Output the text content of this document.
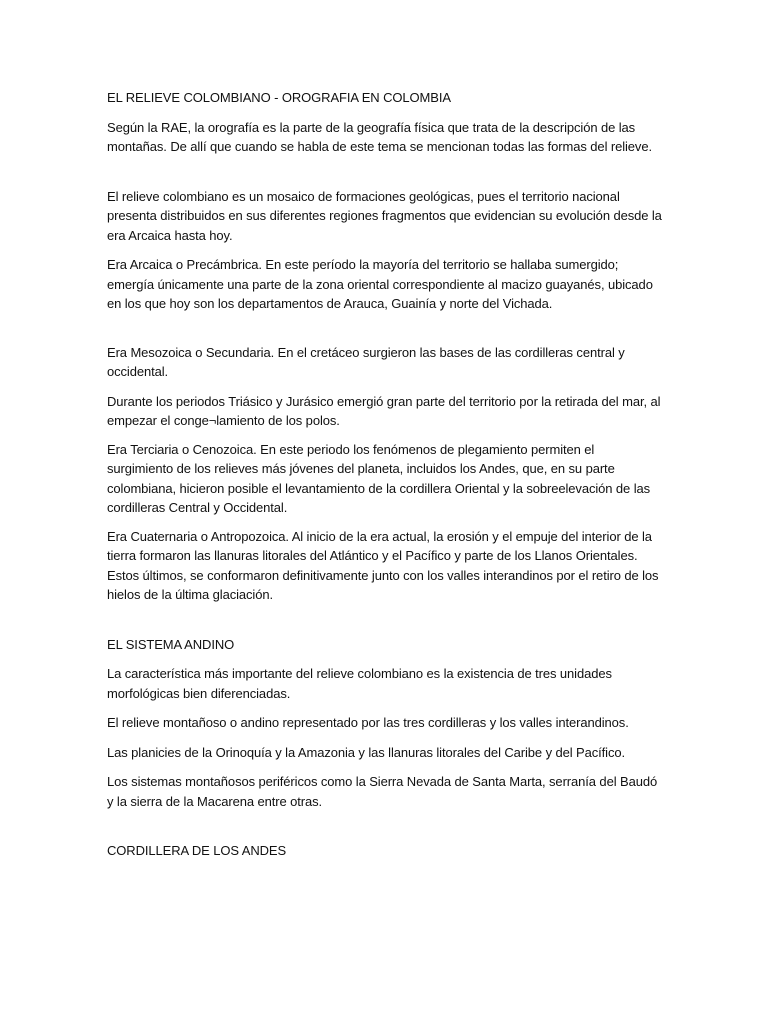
EL RELIEVE COLOMBIANO - OROGRAFIA EN COLOMBIA

Según la RAE, la orografía es la parte de la geografía física que trata de la descripción de las montañas. De allí que cuando se habla de este tema se mencionan todas las formas del relieve.

El relieve colombiano es un mosaico de formaciones geológicas, pues el territorio nacional presenta distribuidos en sus diferentes regiones fragmentos que evidencian su evolución desde la era Arcaica hasta hoy.

Era Arcaica o Precámbrica. En este período la mayoría del territorio se hallaba sumergido; emergía únicamente una parte de la zona oriental correspondiente al macizo guayanés, ubicado en los que hoy son los departamentos de Arauca, Guainía y norte del Vichada.

Era Mesozoica o Secundaria. En el cretáceo surgieron las bases de las cordilleras central y occidental.

Durante los periodos Triásico y Jurásico emergió gran parte del territorio por la retirada del mar, al empezar el conge¬lamiento de los polos.

Era Terciaria o Cenozoica. En este periodo los fenómenos de plegamiento permiten el surgimiento de los relieves más jóvenes del planeta, incluidos los Andes, que, en su parte colombiana, hicieron posible el levantamiento de la cordillera Oriental y la sobreelevación de las cordilleras Central y Occidental.

Era Cuaternaria o Antropozoica. Al inicio de la era actual, la erosión y el empuje del interior de la tierra formaron las llanuras litorales del Atlántico y el Pacífico y parte de los Llanos Orientales. Estos últimos, se conformaron definitivamente junto con los valles interandinos por el retiro de los hielos de la última glaciación.

EL SISTEMA ANDINO

La característica más importante del relieve colombiano es la existencia de tres unidades morfológicas bien diferenciadas.

El relieve montañoso o andino representado por las tres cordilleras y los valles interandinos.

Las planicies de la Orinoquía y la Amazonia y las llanuras litorales del Caribe y del Pacífico.

Los sistemas montañosos periféricos como la Sierra Nevada de Santa Marta, serranía del Baudó y la sierra de la Macarena entre otras.

CORDILLERA DE LOS ANDES
